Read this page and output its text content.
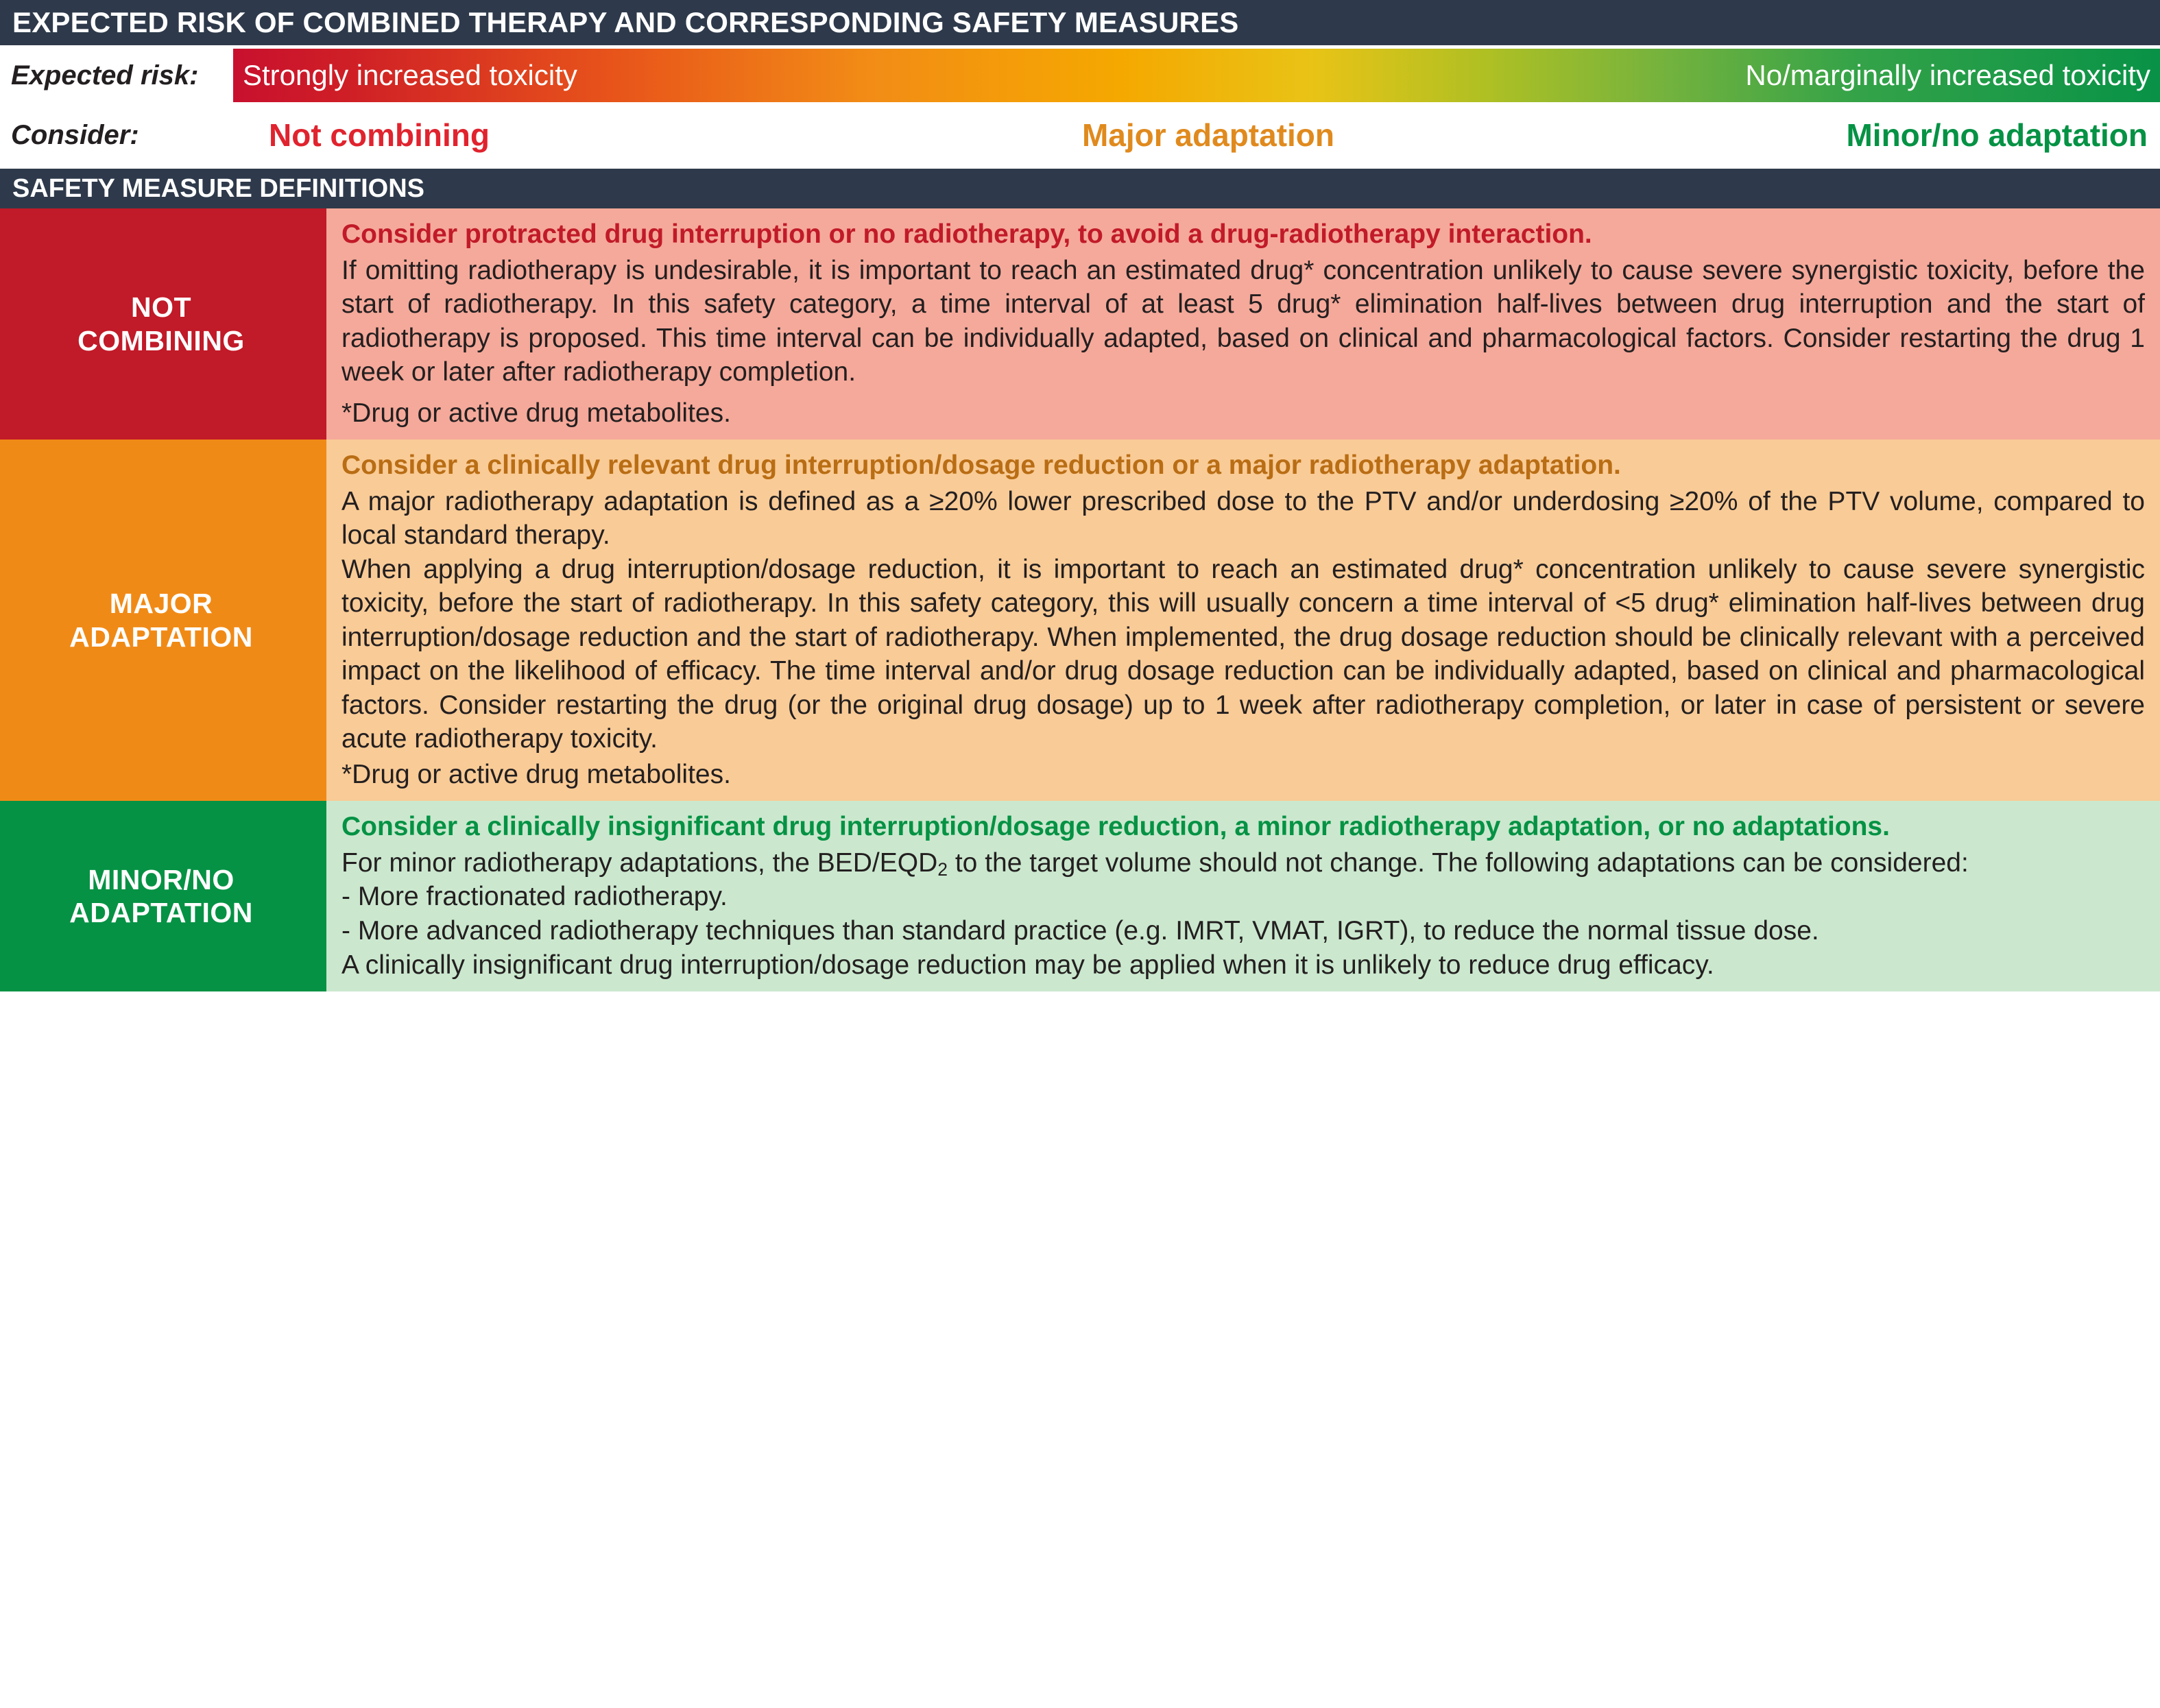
EXPECTED RISK OF COMBINED THERAPY AND CORRESPONDING SAFETY MEASURES
Expected risk:	Strongly increased toxicity	No/marginally increased toxicity
Consider:	Not combining	Major adaptation	Minor/no adaptation
SAFETY MEASURE DEFINITIONS
NOT
COMBINING

Consider protracted drug interruption or no radiotherapy, to avoid a drug-radiotherapy interaction.

If omitting radiotherapy is undesirable, it is important to reach an estimated drug* concentration unlikely to cause severe synergistic toxicity, before the start of radiotherapy. In this safety category, a time interval of at least 5 drug* elimination half-lives between drug interruption and the start of radiotherapy is proposed. This time interval can be individually adapted, based on clinical and pharmacological factors. Consider restarting the drug 1 week or later after radiotherapy completion.

*Drug or active drug metabolites.

MAJOR
ADAPTATION

Consider a clinically relevant drug interruption/dosage reduction or a major radiotherapy adaptation.

A major radiotherapy adaptation is defined as a ≥20% lower prescribed dose to the PTV and/or underdosing ≥20% of the PTV volume, compared to local standard therapy.

When applying a drug interruption/dosage reduction, it is important to reach an estimated drug* concentration unlikely to cause severe synergistic toxicity, before the start of radiotherapy. In this safety category, this will usually concern a time interval of <5 drug* elimination half-lives between drug interruption/dosage reduction and the start of radiotherapy. When implemented, the drug dosage reduction should be clinically relevant with a perceived impact on the likelihood of efficacy. The time interval and/or drug dosage reduction can be individually adapted, based on clinical and pharmacological factors. Consider restarting the drug (or the original drug dosage) up to 1 week after radiotherapy completion, or later in case of persistent or severe acute radiotherapy toxicity.

*Drug or active drug metabolites.

MINOR/NO
ADAPTATION

Consider a clinically insignificant drug interruption/dosage reduction, a minor radiotherapy adaptation, or no adaptations.

For minor radiotherapy adaptations, the BED/$EQD_2$ to the target volume should not change. The following adaptations can be considered:

- More fractionated radiotherapy.

- More advanced radiotherapy techniques than standard practice (e.g. IMRT, VMAT, IGRT), to reduce the normal tissue dose.

A clinically insignificant drug interruption/dosage reduction may be applied when it is unlikely to reduce drug efficacy.
